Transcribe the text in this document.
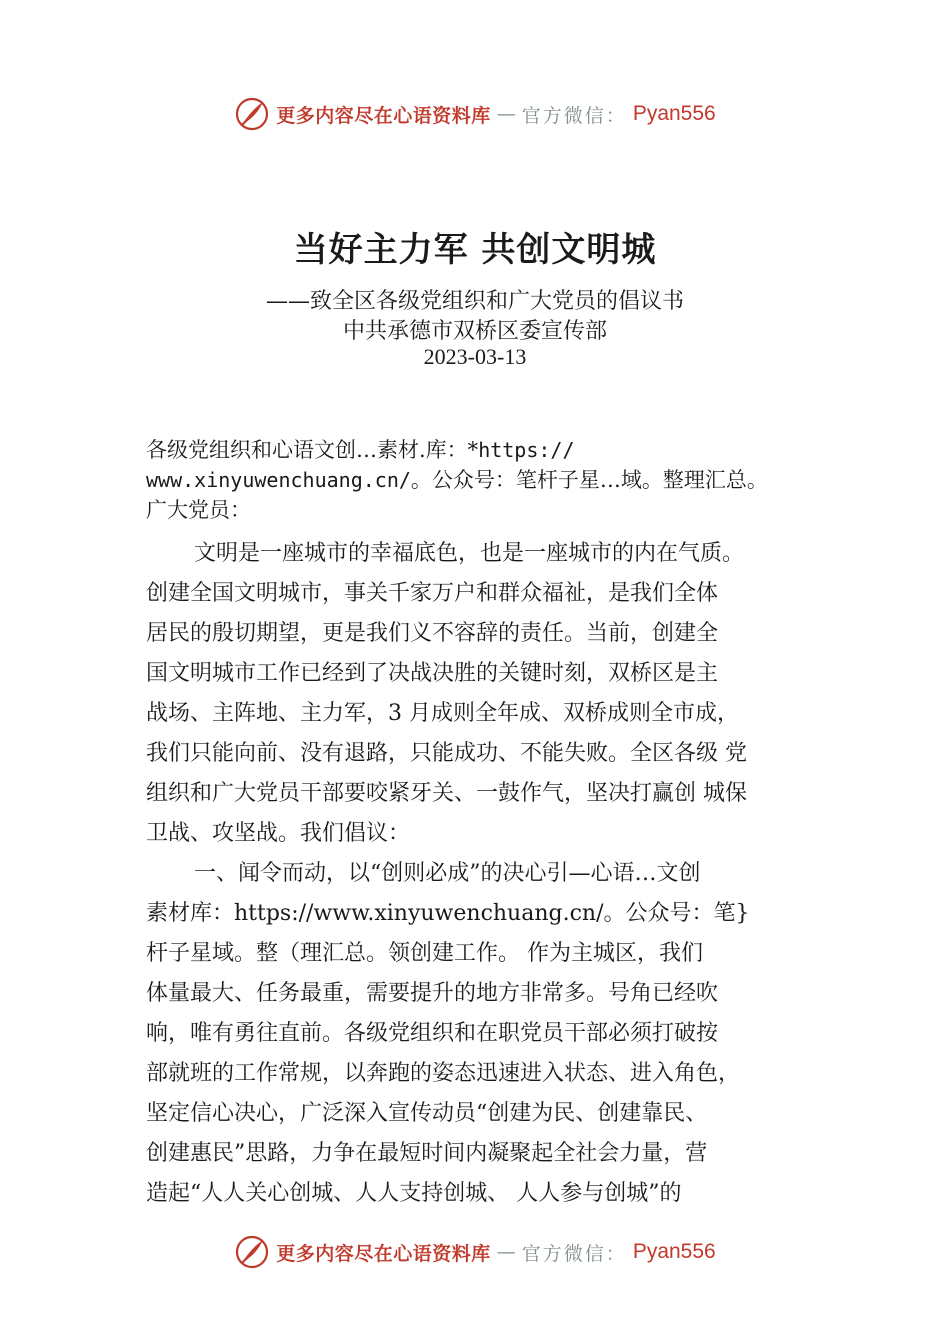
更多内容尽在心语资料库 — 官方微信： Pyan556
当好主力军 共创文明城

——致全区各级党组织和广大党员的倡议书

中共承德市双桥区委宣传部

2023-03-13

各级党组织和心语文创…素材.库：*https://

www.xinyuwenchuang.cn/。公众号：笔杆子星…域。整理汇总。

广大党员：

文明是一座城市的幸福底色，也是一座城市的内在气质。

创建全国文明城市，事关千家万户和群众福祉，是我们全体

居民的殷切期望，更是我们义不容辞的责任。当前，创建全

国文明城市工作已经到了决战决胜的关键时刻，双桥区是主

战场、主阵地、主力军，3 月成则全年成、双桥成则全市成，

我们只能向前、没有退路，只能成功、不能失败。全区各级 党

组织和广大党员干部要咬紧牙关、一鼓作气，坚决打赢创 城保

卫战、攻坚战。我们倡议：

一、闻令而动，以“创则必成”的决心引—心语…文创

素材库：https://www.xinyuwenchuang.cn/。公众号：笔}

杆子星域。整（理汇总。领创建工作。 作为主城区，我们

体量最大、任务最重，需要提升的地方非常多。号角已经吹

响，唯有勇往直前。各级党组织和在职党员干部必须打破按

部就班的工作常规，以奔跑的姿态迅速进入状态、进入角色，

坚定信心决心，广泛深入宣传动员“创建为民、创建靠民、

创建惠民”思路，力争在最短时间内凝聚起全社会力量，营

造起“人人关心创城、人人支持创城、 人人参与创城”的

更多内容尽在心语资料库 — 官方微信： Pyan556
